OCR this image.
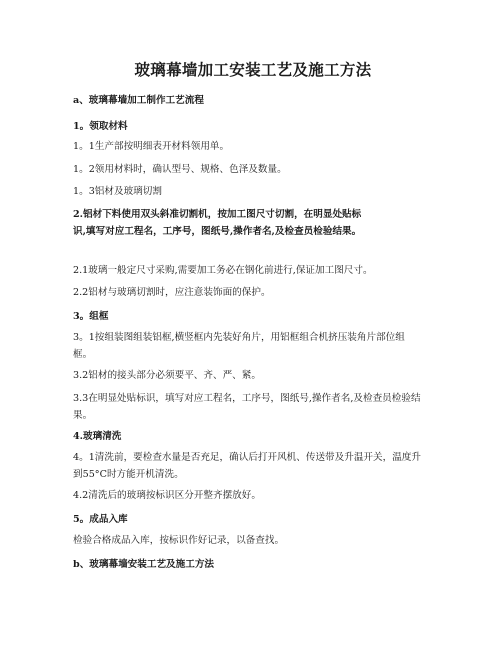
玻璃幕墙加工安装工艺及施工方法

a、玻璃幕墙加工制作工艺流程

1。领取材料

1。1生产部按明细表开材料领用单。

1。2领用材料时，确认型号、规格、色泽及数量。

1。3铝材及玻璃切割

2.铝材下料使用双头斜准切割机，按加工图尺寸切割，在明显处贴标识,填写对应工程名，工序号，图纸号,操作者名,及检查员检验结果。

2.1玻璃一般定尺寸采购,需要加工务必在钢化前进行,保证加工图尺寸。

2.2铝材与玻璃切割时，应注意装饰面的保护。

3。组框

3。1按组装图组装铝框,横竖框内先装好角片，用铝框组合机挤压装角片部位组框。

3.2铝材的接头部分必须要平、齐、严、紧。

3.3在明显处贴标识，填写对应工程名，工序号，图纸号,操作者名,及检查员检验结果。

4.玻璃清洗

4。1清洗前，要检查水量是否充足，确认后打开风机、传送带及升温开关，温度升到55°C时方能开机清洗。

4.2清洗后的玻璃按标识区分开整齐摆放好。

5。成品入库

检验合格成品入库，按标识作好记录，以备查找。

b、玻璃幕墙安装工艺及施工方法
